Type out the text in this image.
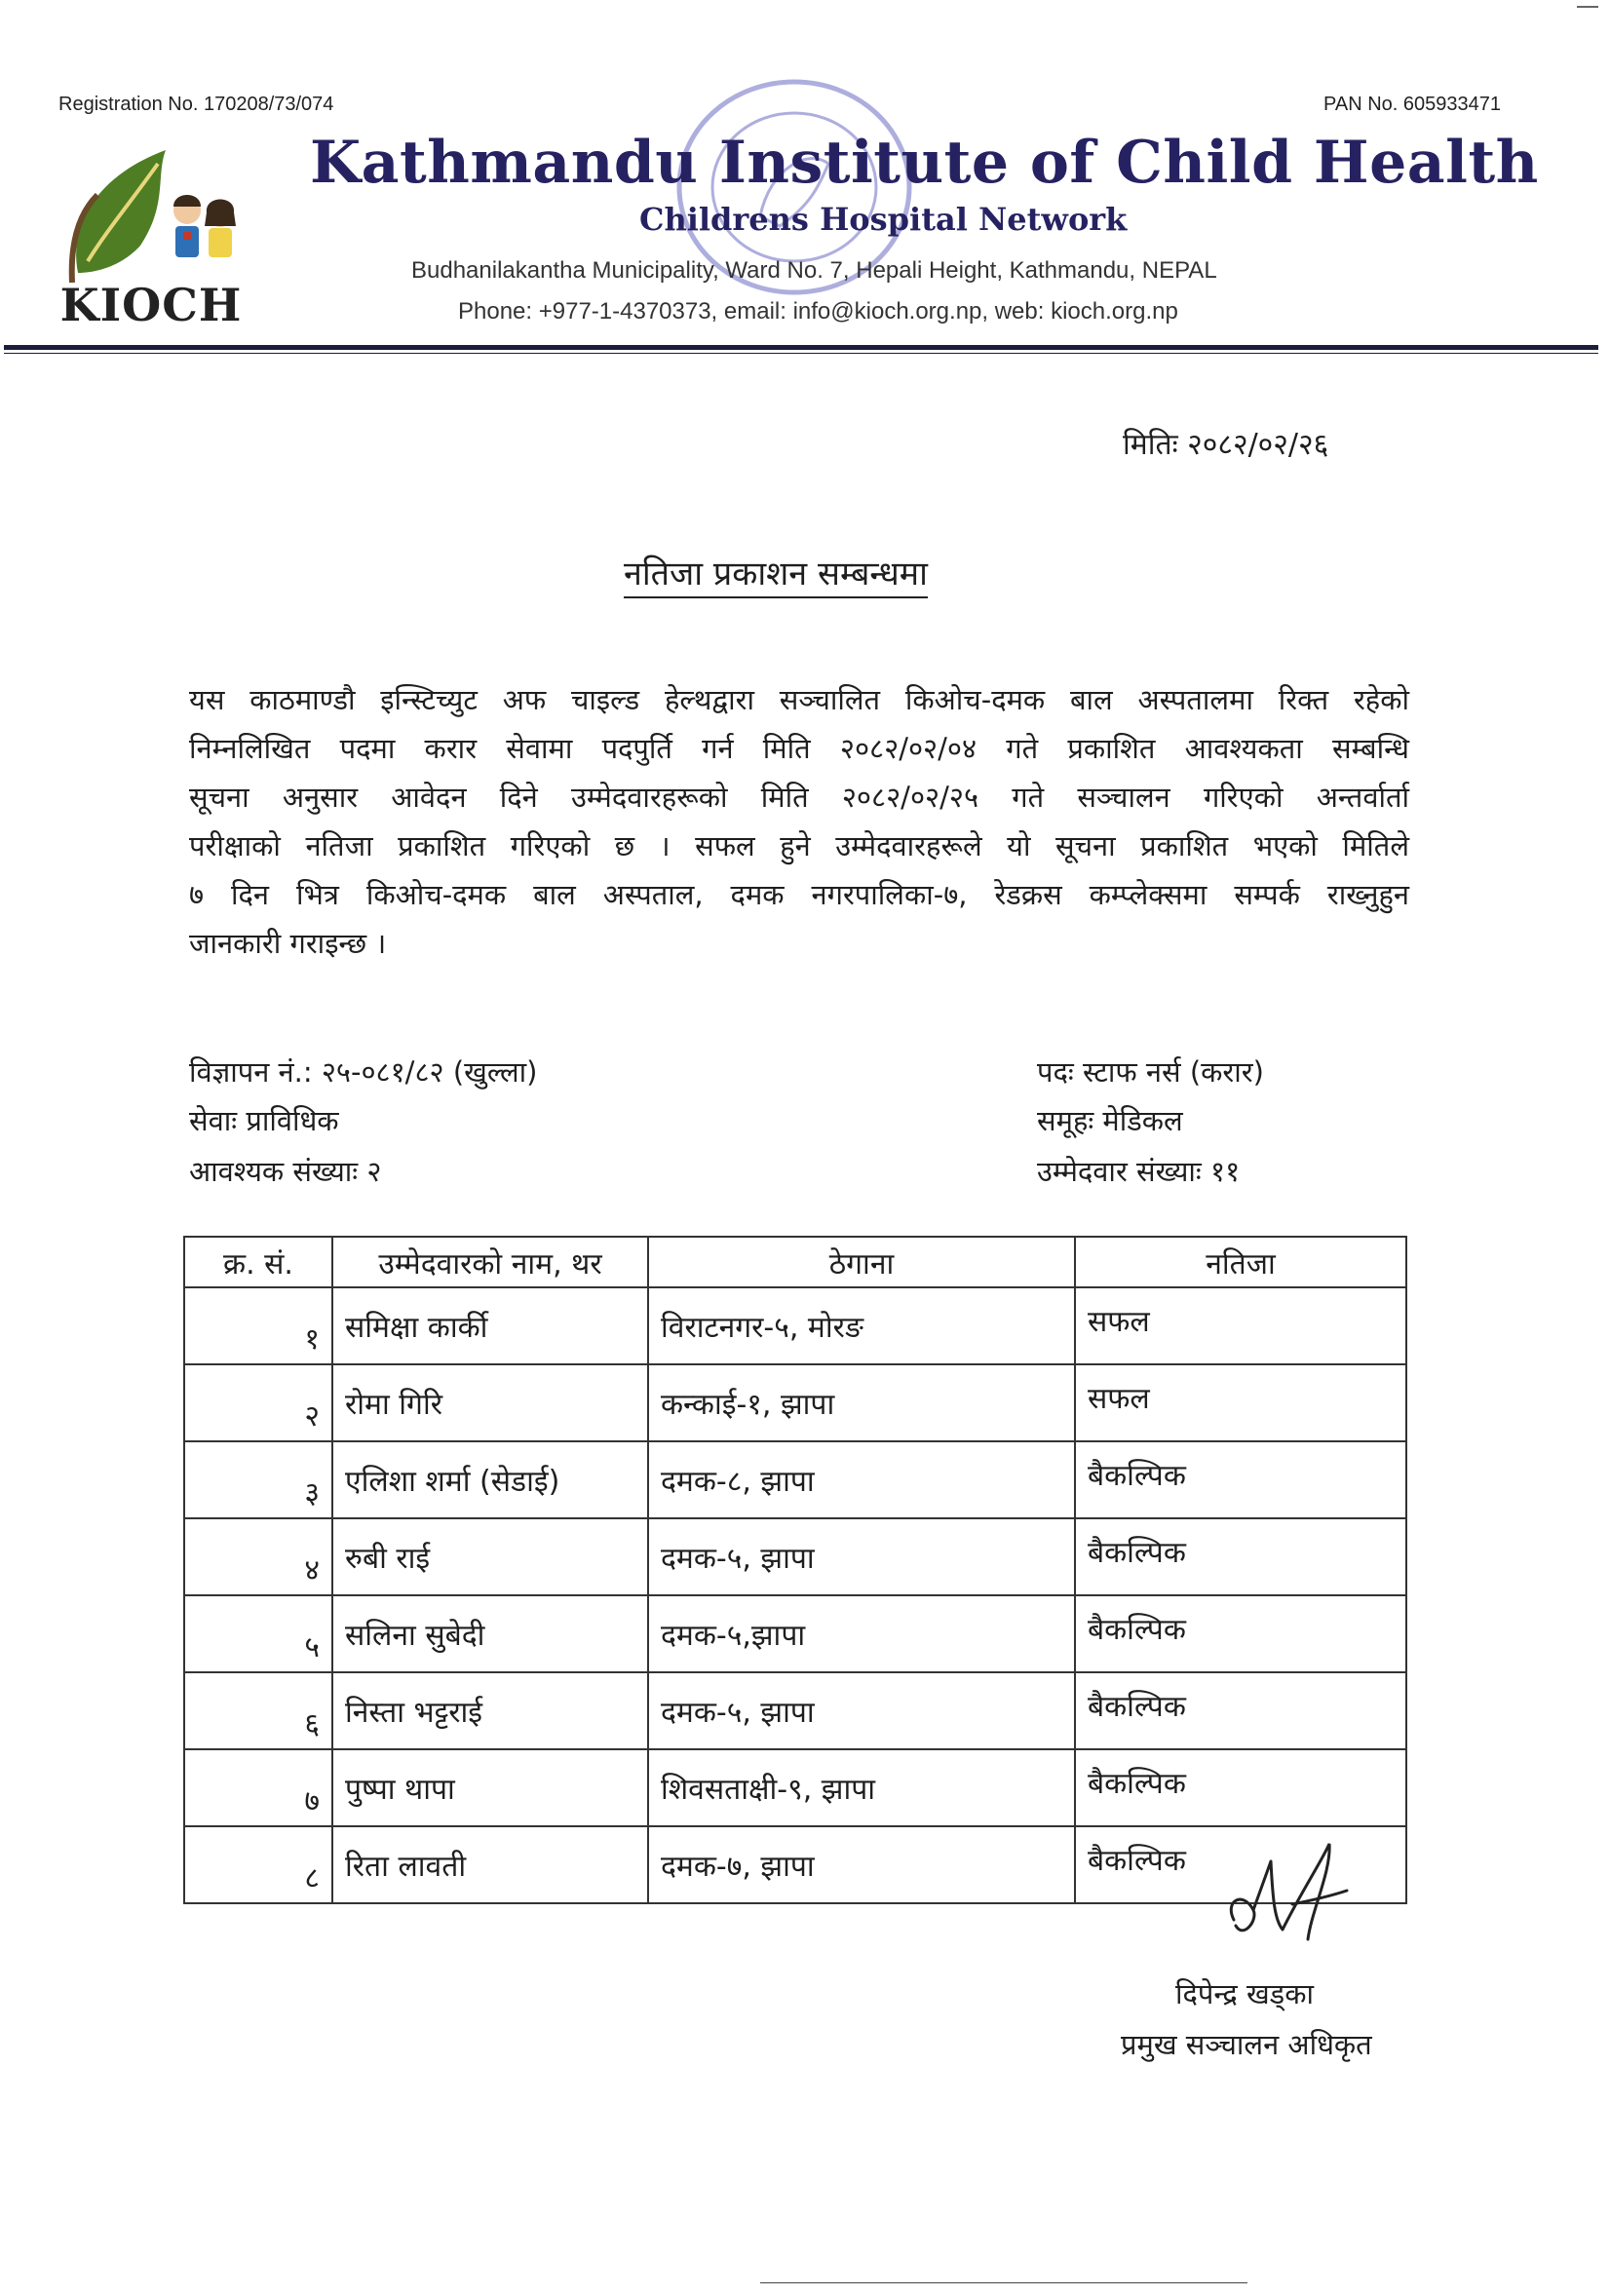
Registration No. 170208/73/074	PAN No. 605933471
KIOCH
Kathmandu Institute of Child Health
Childrens Hospital Network
Budhanilakantha Municipality, Ward No. 7, Hepali Height, Kathmandu, NEPAL
Phone: +977-1-4370373, email: info@kioch.org.np, web: kioch.org.np
मितिः २०८२/०२/२६
नतिजा प्रकाशन सम्बन्धमा
यस काठमाण्डौ इन्स्टिच्युट अफ चाइल्ड हेल्थद्वारा सञ्चालित किओच-दमक बाल अस्पतालमा रिक्त रहेको
निम्नलिखित पदमा करार सेवामा पदपुर्ति गर्न मिति २०८२/०२/०४ गते प्रकाशित आवश्यकता सम्बन्धि
सूचना अनुसार आवेदन दिने उम्मेदवारहरूको मिति २०८२/०२/२५ गते सञ्चालन गरिएको अन्तर्वार्ता
परीक्षाको नतिजा प्रकाशित गरिएको छ । सफल हुने उम्मेदवारहरूले यो सूचना प्रकाशित भएको मितिले
७ दिन भित्र किओच-दमक बाल अस्पताल, दमक नगरपालिका-७, रेडक्रस कम्प्लेक्समा सम्पर्क राख्नुहुन
जानकारी गराइन्छ ।
विज्ञापन नं.: २५-०८१/८२ (खुल्ला)
सेवाः प्राविधिक
आवश्यक संख्याः २
पदः स्टाफ नर्स (करार)
समूहः मेडिकल
उम्मेदवार संख्याः ११
क्र. सं.	उम्मेदवारको नाम, थर	ठेगाना	नतिजा
१	समिक्षा कार्की	विराटनगर-५, मोरङ	सफल
२	रोमा गिरि	कन्काई-१, झापा	सफल
३	एलिशा शर्मा (सेडाई)	दमक-८, झापा	बैकल्पिक
४	रुबी राई	दमक-५, झापा	बैकल्पिक
५	सलिना सुबेदी	दमक-५,झापा	बैकल्पिक
६	निस्ता भट्टराई	दमक-५, झापा	बैकल्पिक
७	पुष्पा थापा	शिवसताक्षी-९, झापा	बैकल्पिक
८	रिता लावती	दमक-७, झापा	बैकल्पिक
दिपेन्द्र खड्का
प्रमुख सञ्चालन अधिकृत
